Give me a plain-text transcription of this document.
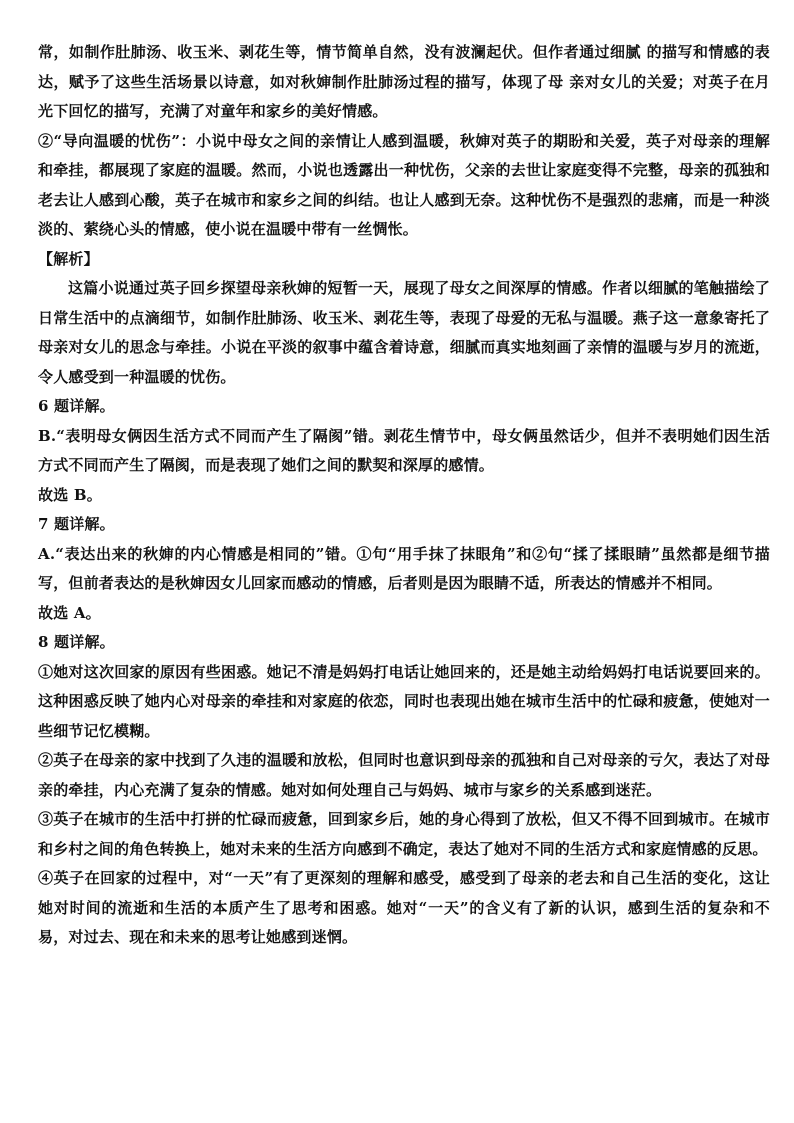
常，如制作肚肺汤、收玉米、剥花生等，情节简单自然，没有波澜起伏。但作者通过细腻 的描写和情感的表达，赋予了这些生活场景以诗意，如对秋婶制作肚肺汤过程的描写，体现了母 亲对女儿的关爱；对英子在月光下回忆的描写，充满了对童年和家乡的美好情感。

②“导向温暖的忧伤”：小说中母女之间的亲情让人感到温暖，秋婶对英子的期盼和关爱，英子对母亲的理解和牵挂，都展现了家庭的温暖。然而，小说也透露出一种忧伤，父亲的去世让家庭变得不完整，母亲的孤独和老去让人感到心酸，英子在城市和家乡之间的纠结。也让人感到无奈。这种忧伤不是强烈的悲痛，而是一种淡淡的、萦绕心头的情感，使小说在温暖中带有一丝惆怅。

【解析】

这篇小说通过英子回乡探望母亲秋婶的短暂一天，展现了母女之间深厚的情感。作者以细腻的笔触描绘了日常生活中的点滴细节，如制作肚肺汤、收玉米、剥花生等，表现了母爱的无私与温暖。燕子这一意象寄托了母亲对女儿的思念与牵挂。小说在平淡的叙事中蕴含着诗意，细腻而真实地刻画了亲情的温暖与岁月的流逝，令人感受到一种温暖的忧伤。

6 题详解。

B.“表明母女俩因生活方式不同而产生了隔阂”错。剥花生情节中，母女俩虽然话少，但并不表明她们因生活方式不同而产生了隔阂，而是表现了她们之间的默契和深厚的感情。

故选 B。

7 题详解。

A.“表达出来的秋婶的内心情感是相同的”错。①句“用手抹了抹眼角”和②句“揉了揉眼睛”虽然都是细节描写，但前者表达的是秋婶因女儿回家而感动的情感，后者则是因为眼睛不适，所表达的情感并不相同。

故选 A。

8 题详解。

①她对这次回家的原因有些困惑。她记不清是妈妈打电话让她回来的，还是她主动给妈妈打电话说要回来的。这种困惑反映了她内心对母亲的牵挂和对家庭的依恋，同时也表现出她在城市生活中的忙碌和疲惫，使她对一些细节记忆模糊。

②英子在母亲的家中找到了久违的温暖和放松，但同时也意识到母亲的孤独和自己对母亲的亏欠，表达了对母亲的牵挂，内心充满了复杂的情感。她对如何处理自己与妈妈、城市与家乡的关系感到迷茫。

③英子在城市的生活中打拼的忙碌而疲惫，回到家乡后，她的身心得到了放松，但又不得不回到城市。在城市和乡村之间的角色转换上，她对未来的生活方向感到不确定，表达了她对不同的生活方式和家庭情感的反思。

④英子在回家的过程中，对“一天”有了更深刻的理解和感受，感受到了母亲的老去和自己生活的变化，这让她对时间的流逝和生活的本质产生了思考和困惑。她对“一天”的含义有了新的认识，感到生活的复杂和不易，对过去、现在和未来的思考让她感到迷惘。
